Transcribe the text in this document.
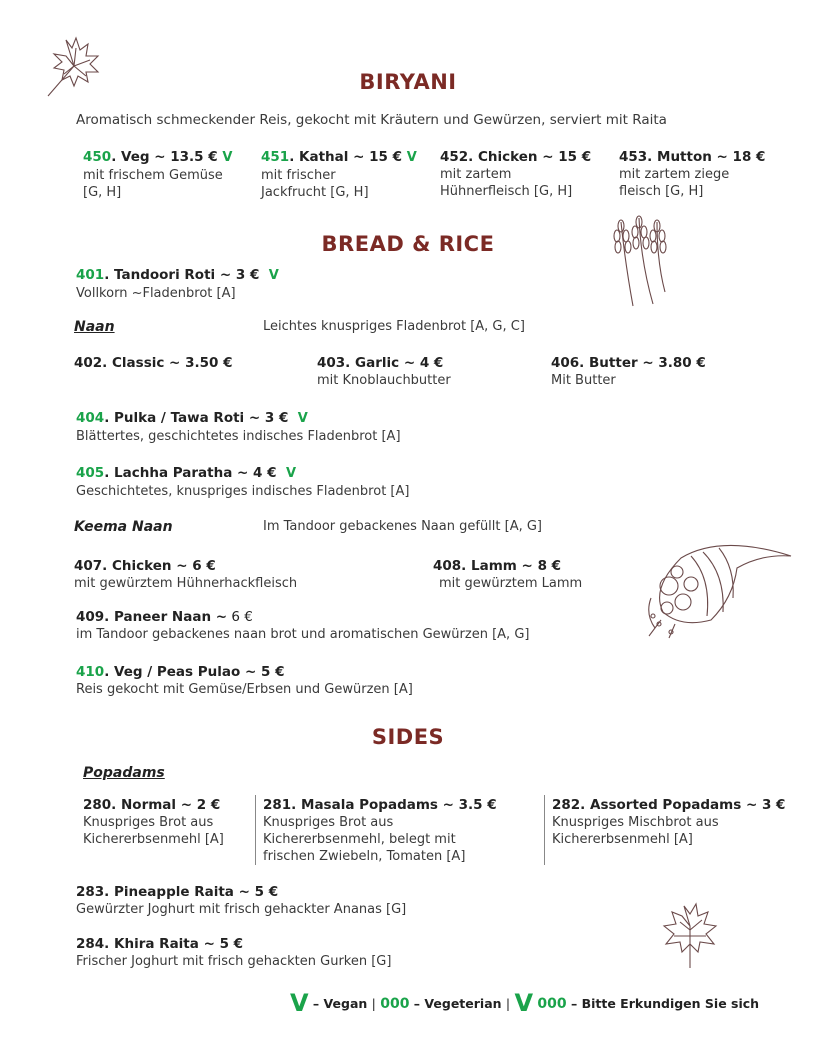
BIRYANI
Aromatisch schmeckender Reis, gekocht mit Kräutern und Gewürzen, serviert mit Raita
450. Veg ~ 13.5 € V
mit frischem Gemüse
[G, H]
451. Kathal ~ 15 € V
mit frischer
Jackfrucht [G, H]
452. Chicken ~ 15 €
mit zartem
Hühnerfleisch [G, H]
453. Mutton ~ 18 €
mit zartem ziege
fleisch [G, H]
BREAD & RICE
401. Tandoori Roti ~ 3 € V
Vollkorn ~Fladenbrot [A]
Naan	Leichtes knuspriges Fladenbrot [A, G, C]
402. Classic ~ 3.50 €	403. Garlic ~ 4 €
mit Knoblauchbutter
406. Butter ~ 3.80 €
Mit Butter
404. Pulka / Tawa Roti ~ 3 € V
Blättertes, geschichtetes indisches Fladenbrot [A]
405. Lachha Paratha ~ 4 € V
Geschichtetes, knuspriges indisches Fladenbrot [A]
Keema Naan	Im Tandoor gebackenes Naan gefüllt [A, G]
407. Chicken ~ 6 €
mit gewürztem Hühnerhackfleisch
408. Lamm ~ 8 €
mit gewürztem Lamm
409. Paneer Naan ~ 6 €
im Tandoor gebackenes naan brot und aromatischen Gewürzen [A, G]
410. Veg / Peas Pulao ~ 5 €
Reis gekocht mit Gemüse/Erbsen und Gewürzen [A]
SIDES
Popadams
280. Normal ~ 2 €
Knuspriges Brot aus
Kichererbsenmehl [A]
281. Masala Popadams ~ 3.5 €
Knuspriges Brot aus
Kichererbsenmehl, belegt mit
frischen Zwiebeln, Tomaten [A]
282. Assorted Popadams ~ 3 €
Knuspriges Mischbrot aus
Kichererbsenmehl [A]
283. Pineapple Raita ~ 5 €
Gewürzter Joghurt mit frisch gehackter Ananas [G]
284. Khira Raita ~ 5 €
Frischer Joghurt mit frisch gehackten Gurken [G]
V – Vegan | 000 – Vegeterian | V 000 – Bitte Erkundigen Sie sich
